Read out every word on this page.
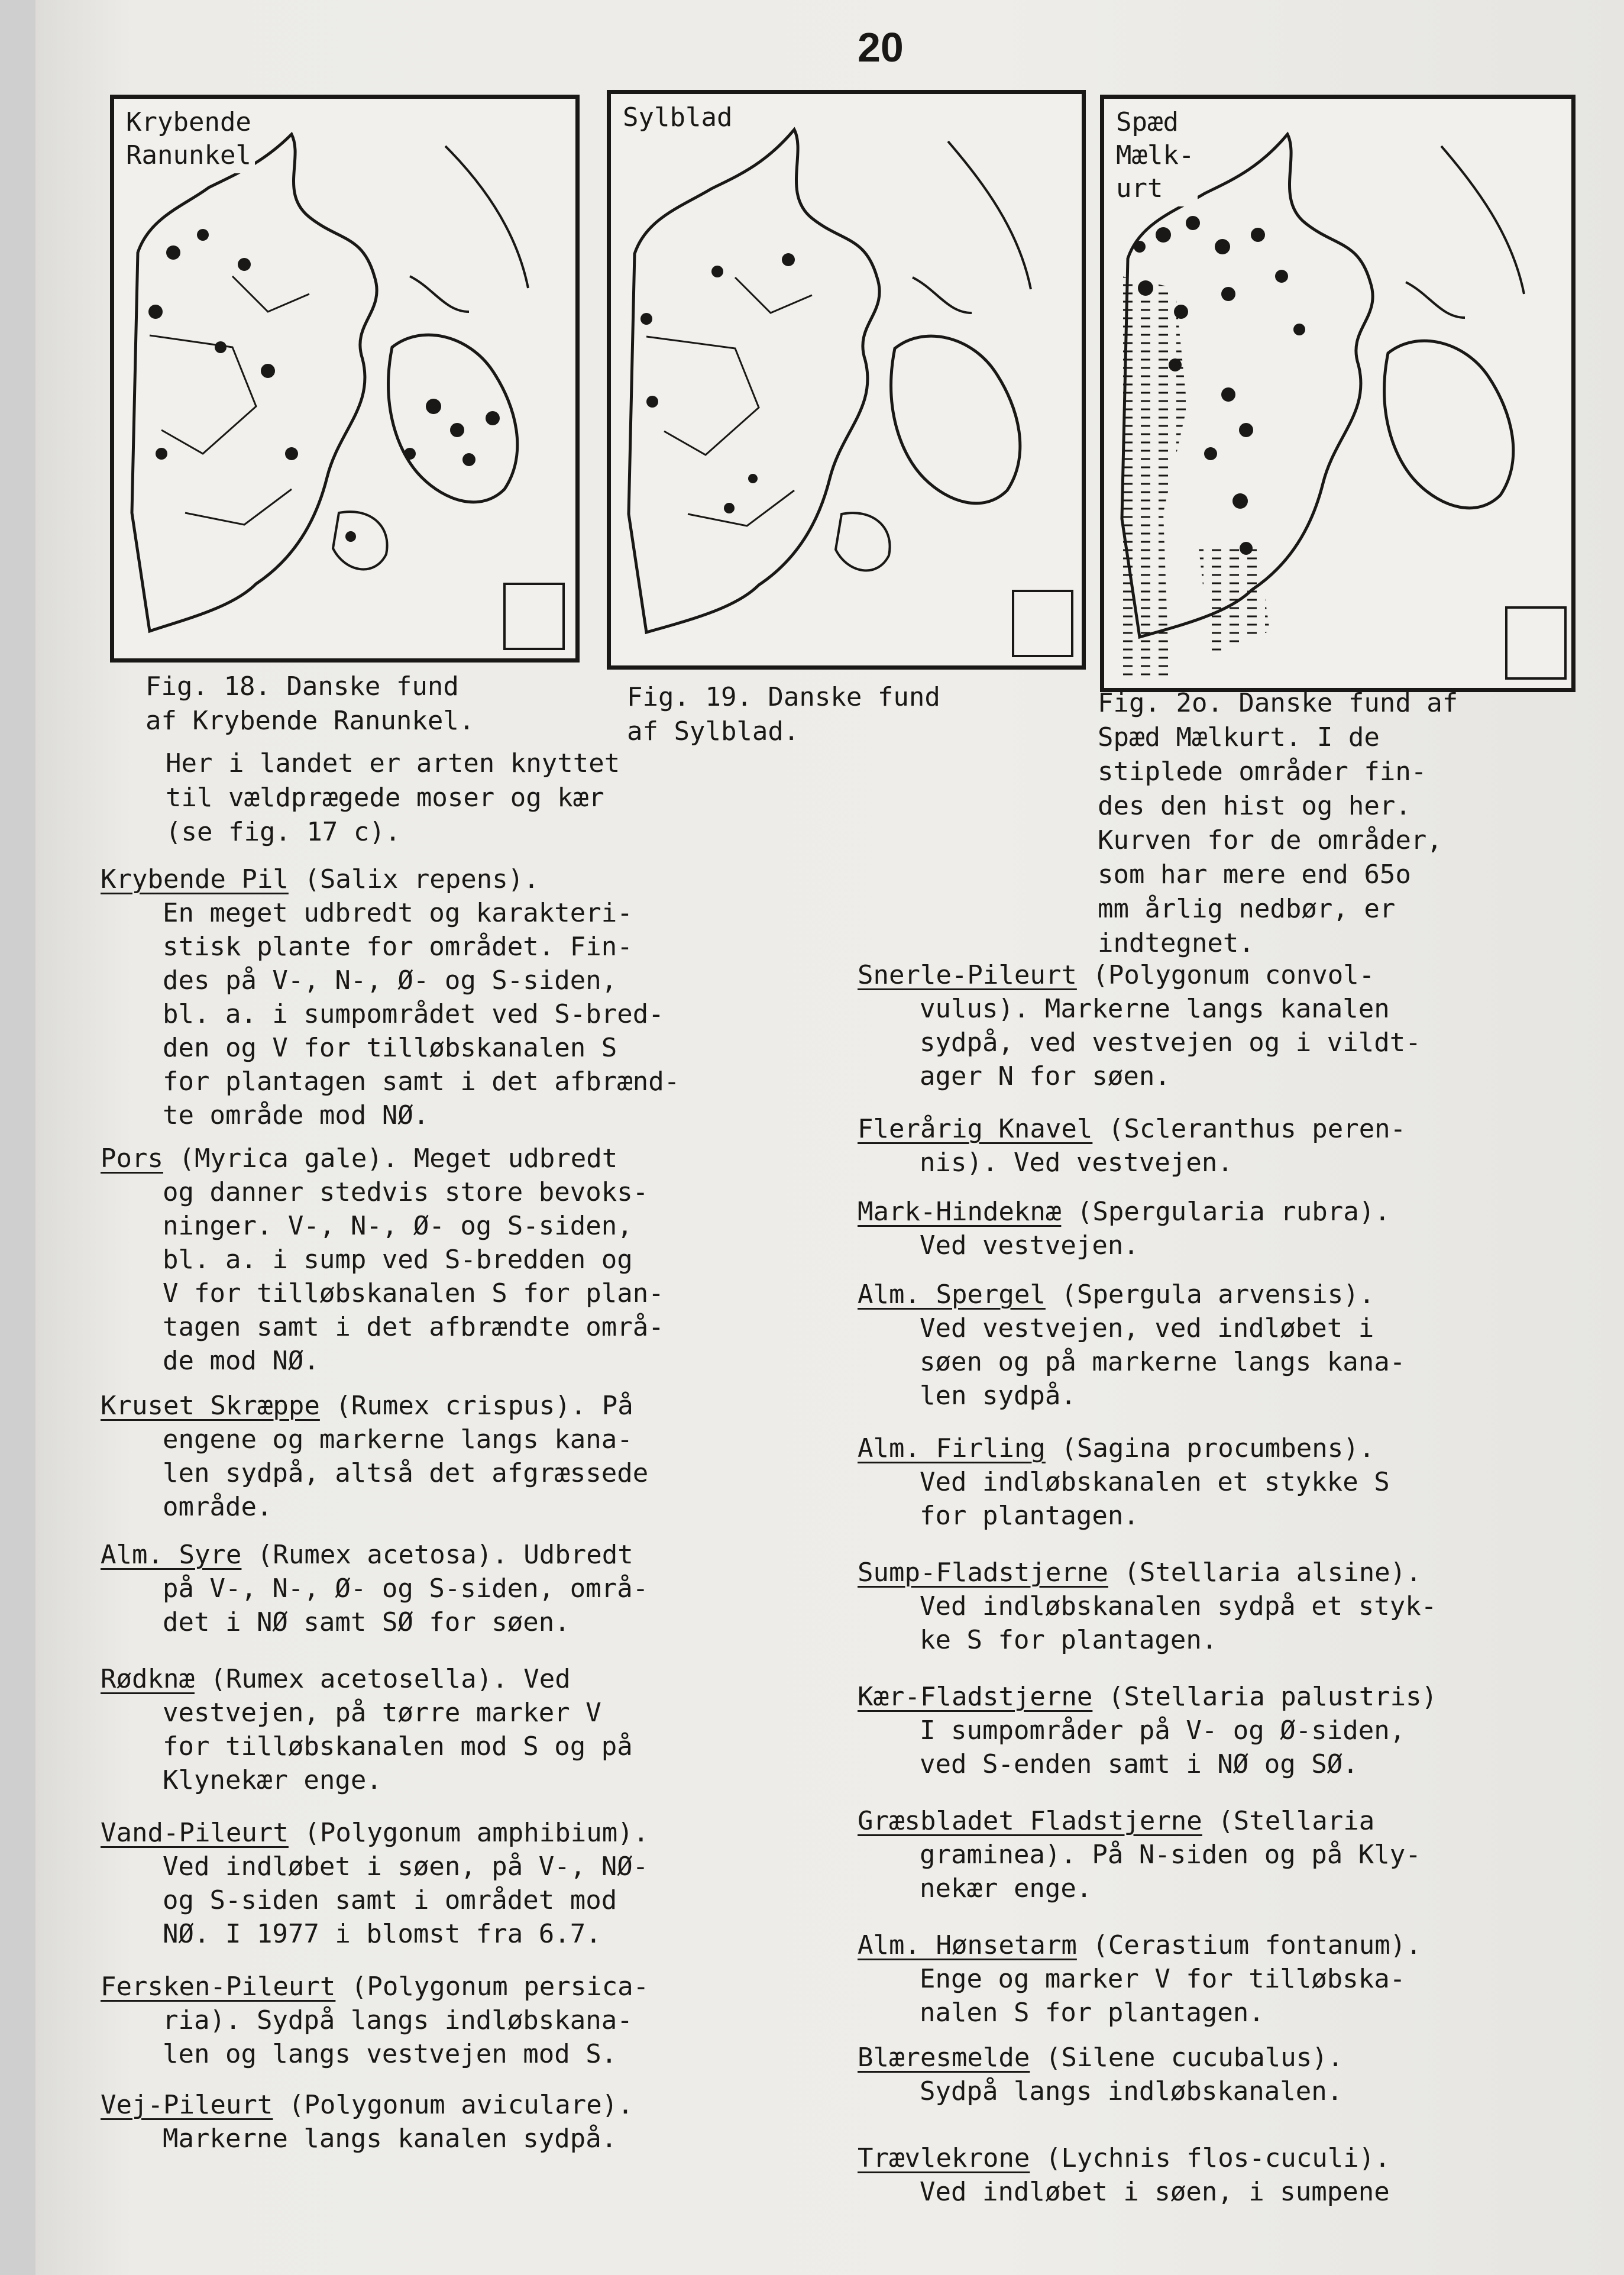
20
Krybende
Ranunkel
Sylblad	Spæd
Mælk-
urt
Fig. 18. Danske fund
af Krybende Ranunkel.
Her i landet er arten knyttet
til vældprægede moser og kær
(se fig. 17 c).
Fig. 19. Danske fund
af Sylblad.
Fig. 2o. Danske fund af
Spæd Mælkurt. I de
stiplede områder fin-
des den hist og her.
Kurven for de områder,
som har mere end 65o
mm årlig nedbør, er
indtegnet.
Krybende Pil (Salix repens).
En meget udbredt og karakteri-
stisk plante for området. Fin-
des på V-, N-, Ø- og S-siden,
bl. a. i sumpområdet ved S-bred-
den og V for tilløbskanalen S
for plantagen samt i det afbrænd-
te område mod NØ.
Pors (Myrica gale). Meget udbredt
og danner stedvis store bevoks-
ninger. V-, N-, Ø- og S-siden,
bl. a. i sump ved S-bredden og
V for tilløbskanalen S for plan-
tagen samt i det afbrændte områ-
de mod NØ.
Kruset Skræppe (Rumex crispus). På
engene og markerne langs kana-
len sydpå, altså det afgræssede
område.
Alm. Syre (Rumex acetosa). Udbredt
på V-, N-, Ø- og S-siden, områ-
det i NØ samt SØ for søen.
Rødknæ (Rumex acetosella). Ved
vestvejen, på tørre marker V
for tilløbskanalen mod S og på
Klynekær enge.
Vand-Pileurt (Polygonum amphibium).
Ved indløbet i søen, på V-, NØ-
og S-siden samt i området mod
NØ. I 1977 i blomst fra 6.7.
Fersken-Pileurt (Polygonum persica-
ria). Sydpå langs indløbskana-
len og langs vestvejen mod S.
Vej-Pileurt (Polygonum aviculare).
Markerne langs kanalen sydpå.
Snerle-Pileurt (Polygonum convol-
vulus). Markerne langs kanalen
sydpå, ved vestvejen og i vildt-
ager N for søen.
Flerårig Knavel (Scleranthus peren-
nis). Ved vestvejen.
Mark-Hindeknæ (Spergularia rubra).
Ved vestvejen.
Alm. Spergel (Spergula arvensis).
Ved vestvejen, ved indløbet i
søen og på markerne langs kana-
len sydpå.
Alm. Firling (Sagina procumbens).
Ved indløbskanalen et stykke S
for plantagen.
Sump-Fladstjerne (Stellaria alsine).
Ved indløbskanalen sydpå et styk-
ke S for plantagen.
Kær-Fladstjerne (Stellaria palustris)
I sumpområder på V- og Ø-siden,
ved S-enden samt i NØ og SØ.
Græsbladet Fladstjerne (Stellaria
graminea). På N-siden og på Kly-
nekær enge.
Alm. Hønsetarm (Cerastium fontanum).
Enge og marker V for tilløbska-
nalen S for plantagen.
Blæresmelde (Silene cucubalus).
Sydpå langs indløbskanalen.
Trævlekrone (Lychnis flos-cuculi).
Ved indløbet i søen, i sumpene
